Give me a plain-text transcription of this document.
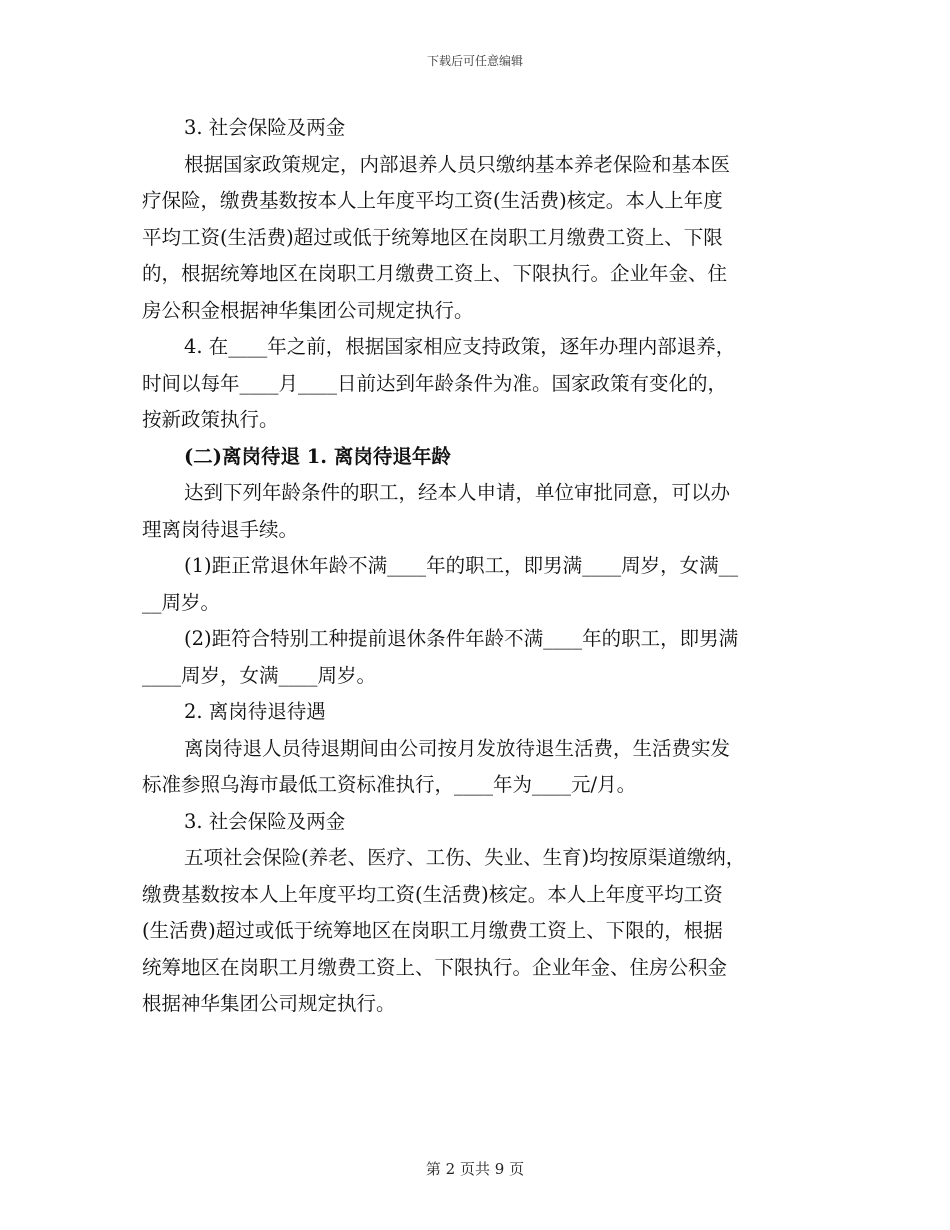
下载后可任意编辑
3. 社会保险及两金
根据国家政策规定，内部退养人员只缴纳基本养老保险和基本医
疗保险，缴费基数按本人上年度平均工资(生活费)核定。本人上年度
平均工资(生活费)超过或低于统筹地区在岗职工月缴费工资上、下限
的，根据统筹地区在岗职工月缴费工资上、下限执行。企业年金、住
房公积金根据神华集团公司规定执行。
4. 在____年之前，根据国家相应支持政策，逐年办理内部退养，
时间以每年____月____日前达到年龄条件为准。国家政策有变化的，
按新政策执行。
(二)离岗待退 1. 离岗待退年龄
达到下列年龄条件的职工，经本人申请，单位审批同意，可以办
理离岗待退手续。
(1)距正常退休年龄不满____年的职工，即男满____周岁，女满__
__周岁。
(2)距符合特别工种提前退休条件年龄不满____年的职工，即男满
____周岁，女满____周岁。
2. 离岗待退待遇
离岗待退人员待退期间由公司按月发放待退生活费，生活费实发
标准参照乌海市最低工资标准执行，____年为____元/月。
3. 社会保险及两金
五项社会保险(养老、医疗、工伤、失业、生育)均按原渠道缴纳，
缴费基数按本人上年度平均工资(生活费)核定。本人上年度平均工资
(生活费)超过或低于统筹地区在岗职工月缴费工资上、下限的，根据
统筹地区在岗职工月缴费工资上、下限执行。企业年金、住房公积金
根据神华集团公司规定执行。
第 2 页共 9 页
